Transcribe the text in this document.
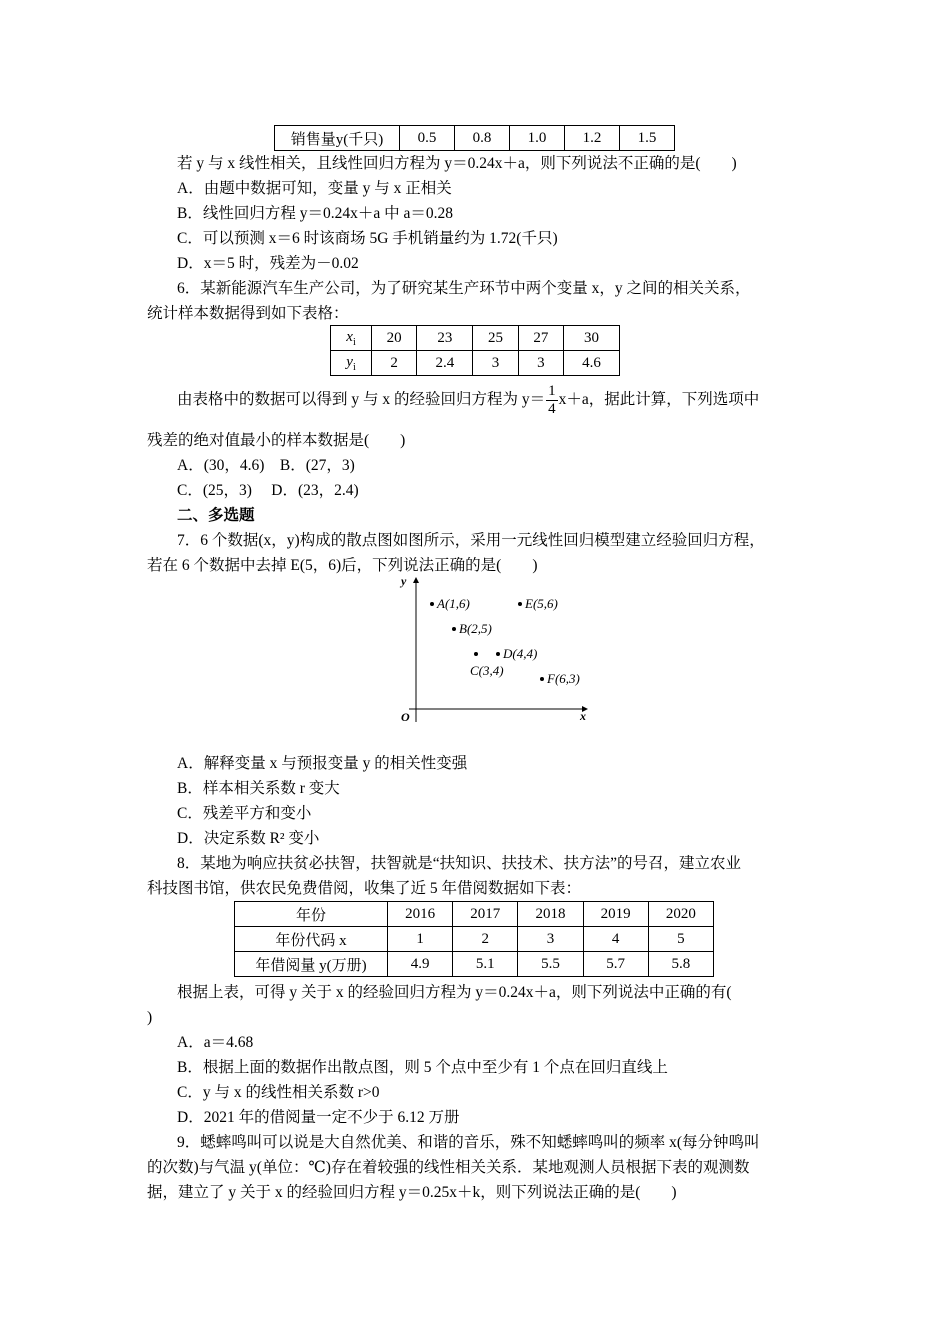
销售量y(千只)	0.5	0.8	1.0	1.2	1.5
若 y 与 x 线性相关，且线性回归方程为 y＝0.24x＋a，则下列说法不正确的是(　　)
A．由题中数据可知，变量 y 与 x 正相关
B．线性回归方程 y＝0.24x＋a 中 a＝0.28
C．可以预测 x＝6 时该商场 5G 手机销量约为 1.72(千只)
D．x＝5 时，残差为－0.02
6．某新能源汽车生产公司，为了研究某生产环节中两个变量 x，y 之间的相关关系，
统计样本数据得到如下表格：
$x_i$	20	23	25	27	30
$y_i$	2	2.4	3	3	4.6
由表格中的数据可以得到 y 与 x 的经验回归方程为 $y= \frac{1}{4} x+a$，据此计算，下列选项中
残差的绝对值最小的样本数据是(　　)
A．(30，4.6)　B．(27，3)
C．(25，3)　 D．(23，2.4)
二、多选题
7．6 个数据(x，y)构成的散点图如图所示，采用一元线性回归模型建立经验回归方程，
若在 6 个数据中去掉 E(5，6)后，下列说法正确的是(　　)
y
x
O
A(1,6)
B(2,5)
C(3,4)
D(4,4)
E(5,6)
F(6,3)
A．解释变量 x 与预报变量 y 的相关性变强
B．样本相关系数 r 变大
C．残差平方和变小
D．决定系数 R² 变小
8．某地为响应扶贫必扶智，扶智就是“扶知识、扶技术、扶方法”的号召，建立农业
科技图书馆，供农民免费借阅，收集了近 5 年借阅数据如下表：
年份	2016	2017	2018	2019	2020
年份代码 x	1	2	3	4	5
年借阅量 y(万册)	4.9	5.1	5.5	5.7	5.8
根据上表，可得 y 关于 x 的经验回归方程为 y＝0.24x＋a，则下列说法中正确的有(
)
A．a＝4.68
B．根据上面的数据作出散点图，则 5 个点中至少有 1 个点在回归直线上
C．y 与 x 的线性相关系数 r>0
D．2021 年的借阅量一定不少于 6.12 万册
9．蟋蟀鸣叫可以说是大自然优美、和谐的音乐，殊不知蟋蟀鸣叫的频率 x(每分钟鸣叫
的次数)与气温 y(单位：℃)存在着较强的线性相关关系．某地观测人员根据下表的观测数
据，建立了 y 关于 x 的经验回归方程 y＝0.25x＋k，则下列说法正确的是(　　)
